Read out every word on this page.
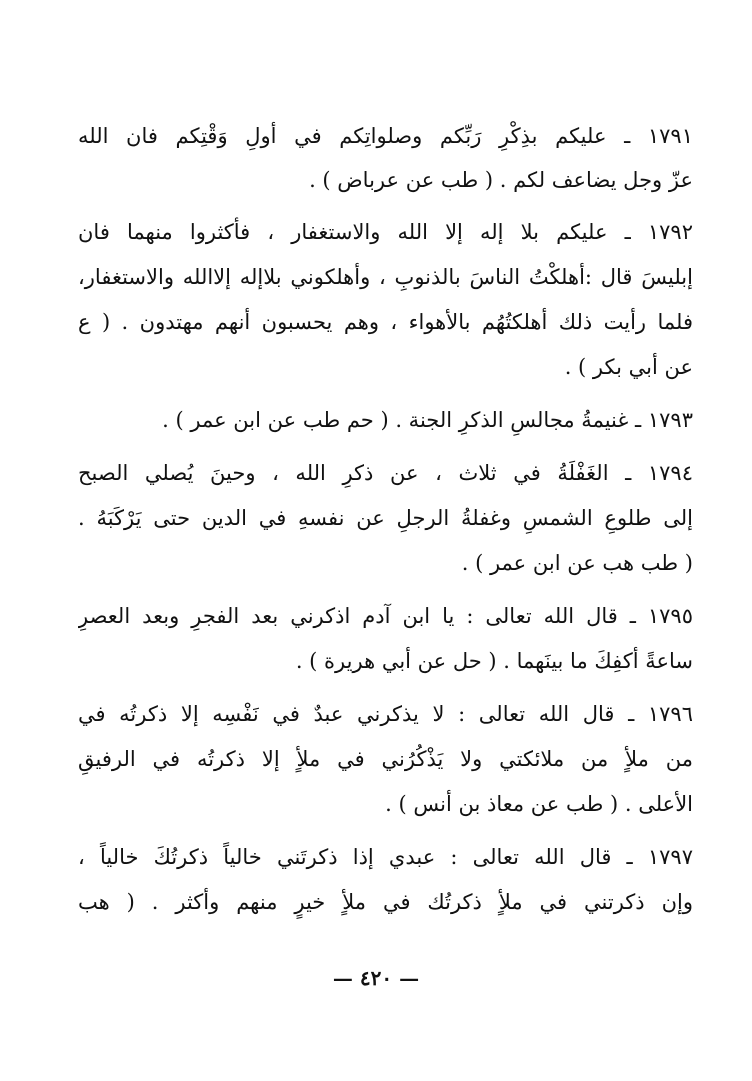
١٧٩١ ـ عليكم بذِكْرِ رَبِّكم وصلواتِكم في أولِ وَقْتِكم فان الله
عزّ وجل يضاعف لكم . ( طب عن عرباض ) .
١٧٩٢ ـ عليكم بلا إله إلا الله والاستغفار ، فأكثروا منهما فان
إبليسَ قال :أهلكْتُ الناسَ بالذنوبِ ، وأهلكوني بلاإله إلاالله والاستغفار،
فلما رأيت ذلك أهلكتُهُم بالأهواء ، وهم يحسبون أنهم مهتدون . ( ع
عن أبي بكر ) .
١٧٩٣ ـ غنيمةُ مجالسِ الذكرِ الجنة . ( حم طب عن ابن عمر ) .
١٧٩٤ ـ الغَفْلَةُ في ثلاث ، عن ذكرِ الله ، وحينَ يُصلي الصبح
إلى طلوعِ الشمسِ وغفلةُ الرجلِ عن نفسهِ في الدين حتى يَرْكَبَهُ .
( طب هب عن ابن عمر ) .
١٧٩٥ ـ قال الله تعالى : يا ابن آدم اذكرني بعد الفجرِ وبعد العصرِ
ساعةً أكفِكَ ما بينَهما . ( حل عن أبي هريرة ) .
١٧٩٦ ـ قال الله تعالى : لا يذكرني عبدٌ في نَفْسِه إلا ذكرتُه في
من ملأٍ من ملائكتي ولا يَذْكُرُني في ملأٍ إلا ذكرتُه في الرفيقِ
الأعلى . ( طب عن معاذ بن أنس ) .
١٧٩٧ ـ قال الله تعالى : عبدي إذا ذكرتَني خالياً ذكرتُكَ خالياً ،
وإن ذكرتني في ملأٍ ذكرتُك في ملأٍ خيرٍ منهم وأكثر . ( هب
— ٤٢٠ —
